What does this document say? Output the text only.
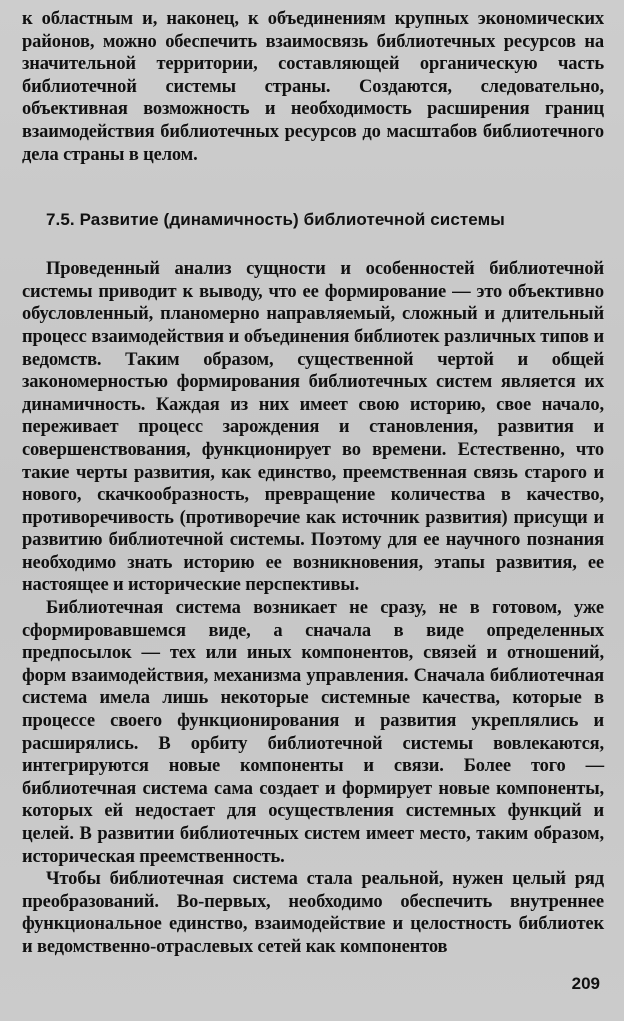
к областным и, наконец, к объединениям крупных экономических районов, можно обеспечить взаимосвязь библиотечных ресурсов на значительной территории, составляющей органическую часть библиотечной системы страны. Создаются, следовательно, объективная возможность и необходимость расширения границ взаимодействия библиотечных ресурсов до масштабов библиотечного дела страны в целом.

7.5. Развитие (динамичность) библиотечной системы

Проведенный анализ сущности и особенностей библиотечной системы приводит к выводу, что ее формирование — это объективно обусловленный, планомерно направляемый, сложный и длительный процесс взаимодействия и объединения библиотек различных типов и ведомств. Таким образом, существенной чертой и общей закономерностью формирования библиотечных систем является их динамичность. Каждая из них имеет свою историю, свое начало, переживает процесс зарождения и становления, развития и совершенствования, функционирует во времени. Естественно, что такие черты развития, как единство, преемственная связь старого и нового, скачкообразность, превращение количества в качество, противоречивость (противоречие как источник развития) присущи и развитию библиотечной системы. Поэтому для ее научного познания необходимо знать историю ее возникновения, этапы развития, ее настоящее и исторические перспективы.

Библиотечная система возникает не сразу, не в готовом, уже сформировавшемся виде, а сначала в виде определенных предпосылок — тех или иных компонентов, связей и отношений, форм взаимодействия, механизма управления. Сначала библиотечная система имела лишь некоторые системные качества, которые в процессе своего функционирования и развития укреплялись и расширялись. В орбиту библиотечной системы вовлекаются, интегрируются новые компоненты и связи. Более того — библиотечная система сама создает и формирует новые компоненты, которых ей недостает для осуществления системных функций и целей. В развитии библиотечных систем имеет место, таким образом, историческая преемственность.

Чтобы библиотечная система стала реальной, нужен целый ряд преобразований. Во-первых, необходимо обеспечить внутреннее функциональное единство, взаимодействие и целостность библиотек и ведомственно-отраслевых сетей как компонентов

209
